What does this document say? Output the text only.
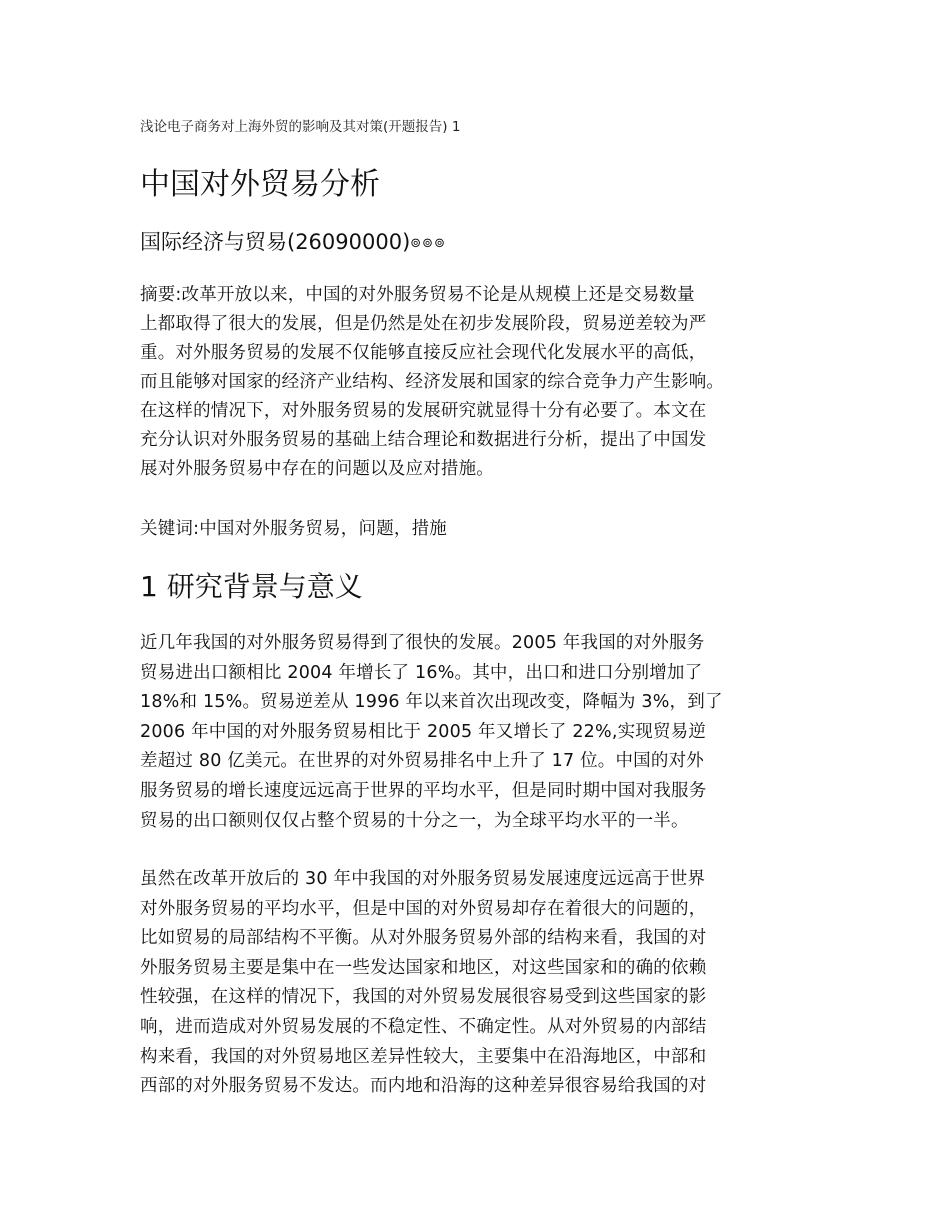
浅论电子商务对上海外贸的影响及其对策(开题报告) 1
中国对外贸易分析
国际经济与贸易(26090000)⊚⊚⊚
摘要:改革开放以来，中国的对外服务贸易不论是从规模上还是交易数量
上都取得了很大的发展，但是仍然是处在初步发展阶段，贸易逆差较为严
重。对外服务贸易的发展不仅能够直接反应社会现代化发展水平的高低，
而且能够对国家的经济产业结构、经济发展和国家的综合竞争力产生影响。
在这样的情况下，对外服务贸易的发展研究就显得十分有必要了。本文在
充分认识对外服务贸易的基础上结合理论和数据进行分析，提出了中国发
展对外服务贸易中存在的问题以及应对措施。
关键词:中国对外服务贸易，问题，措施
1 研究背景与意义
近几年我国的对外服务贸易得到了很快的发展。2005 年我国的对外服务
贸易进出口额相比 2004 年增长了 16%。其中，出口和进口分别增加了
18%和 15%。贸易逆差从 1996 年以来首次出现改变，降幅为 3%，到了
2006 年中国的对外服务贸易相比于 2005 年又增长了 22%,实现贸易逆
差超过 80 亿美元。在世界的对外贸易排名中上升了 17 位。中国的对外
服务贸易的增长速度远远高于世界的平均水平，但是同时期中国对我服务
贸易的出口额则仅仅占整个贸易的十分之一，为全球平均水平的一半。
虽然在改革开放后的 30 年中我国的对外服务贸易发展速度远远高于世界
对外服务贸易的平均水平，但是中国的对外贸易却存在着很大的问题的，
比如贸易的局部结构不平衡。从对外服务贸易外部的结构来看，我国的对
外服务贸易主要是集中在一些发达国家和地区，对这些国家和的确的依赖
性较强，在这样的情况下，我国的对外贸易发展很容易受到这些国家的影
响，进而造成对外贸易发展的不稳定性、不确定性。从对外贸易的内部结
构来看，我国的对外贸易地区差异性较大，主要集中在沿海地区，中部和
西部的对外服务贸易不发达。而内地和沿海的这种差异很容易给我国的对
